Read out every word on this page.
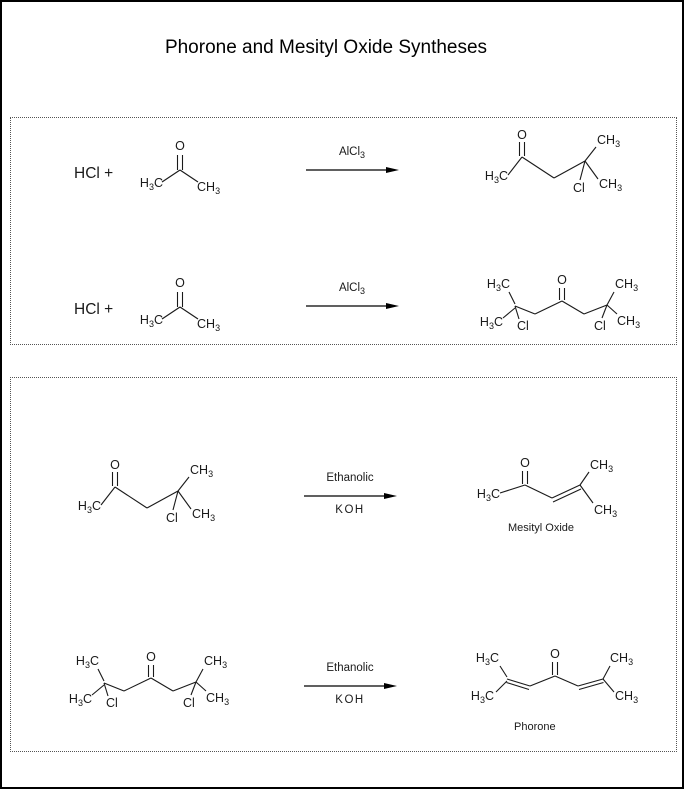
Phorone and Mesityl Oxide Syntheses
HCl +
O
$H_3C$	$CH_3$
AlCl$_3$
O
$H_3C$
$CH_3$
Cl $CH_3$
HCl +
O
$H_3C$	$CH_3$
AlCl$_3$	$H_3C$
$H_3C$ Cl
O	$CH_3$
Cl $CH_3$
O
$H_3C$
$CH_3$
Cl $CH_3$
Ethanolic
KOH
$H_3C$
O	$CH_3$
$CH_3$
Mesityl Oxide
$H_3C$
$H_3C$ Cl
O	$CH_3$
Cl $CH_3$
Ethanolic
KOH
$H_3C$
$H_3C$
O	$CH_3$
$CH_3$
Phorone
